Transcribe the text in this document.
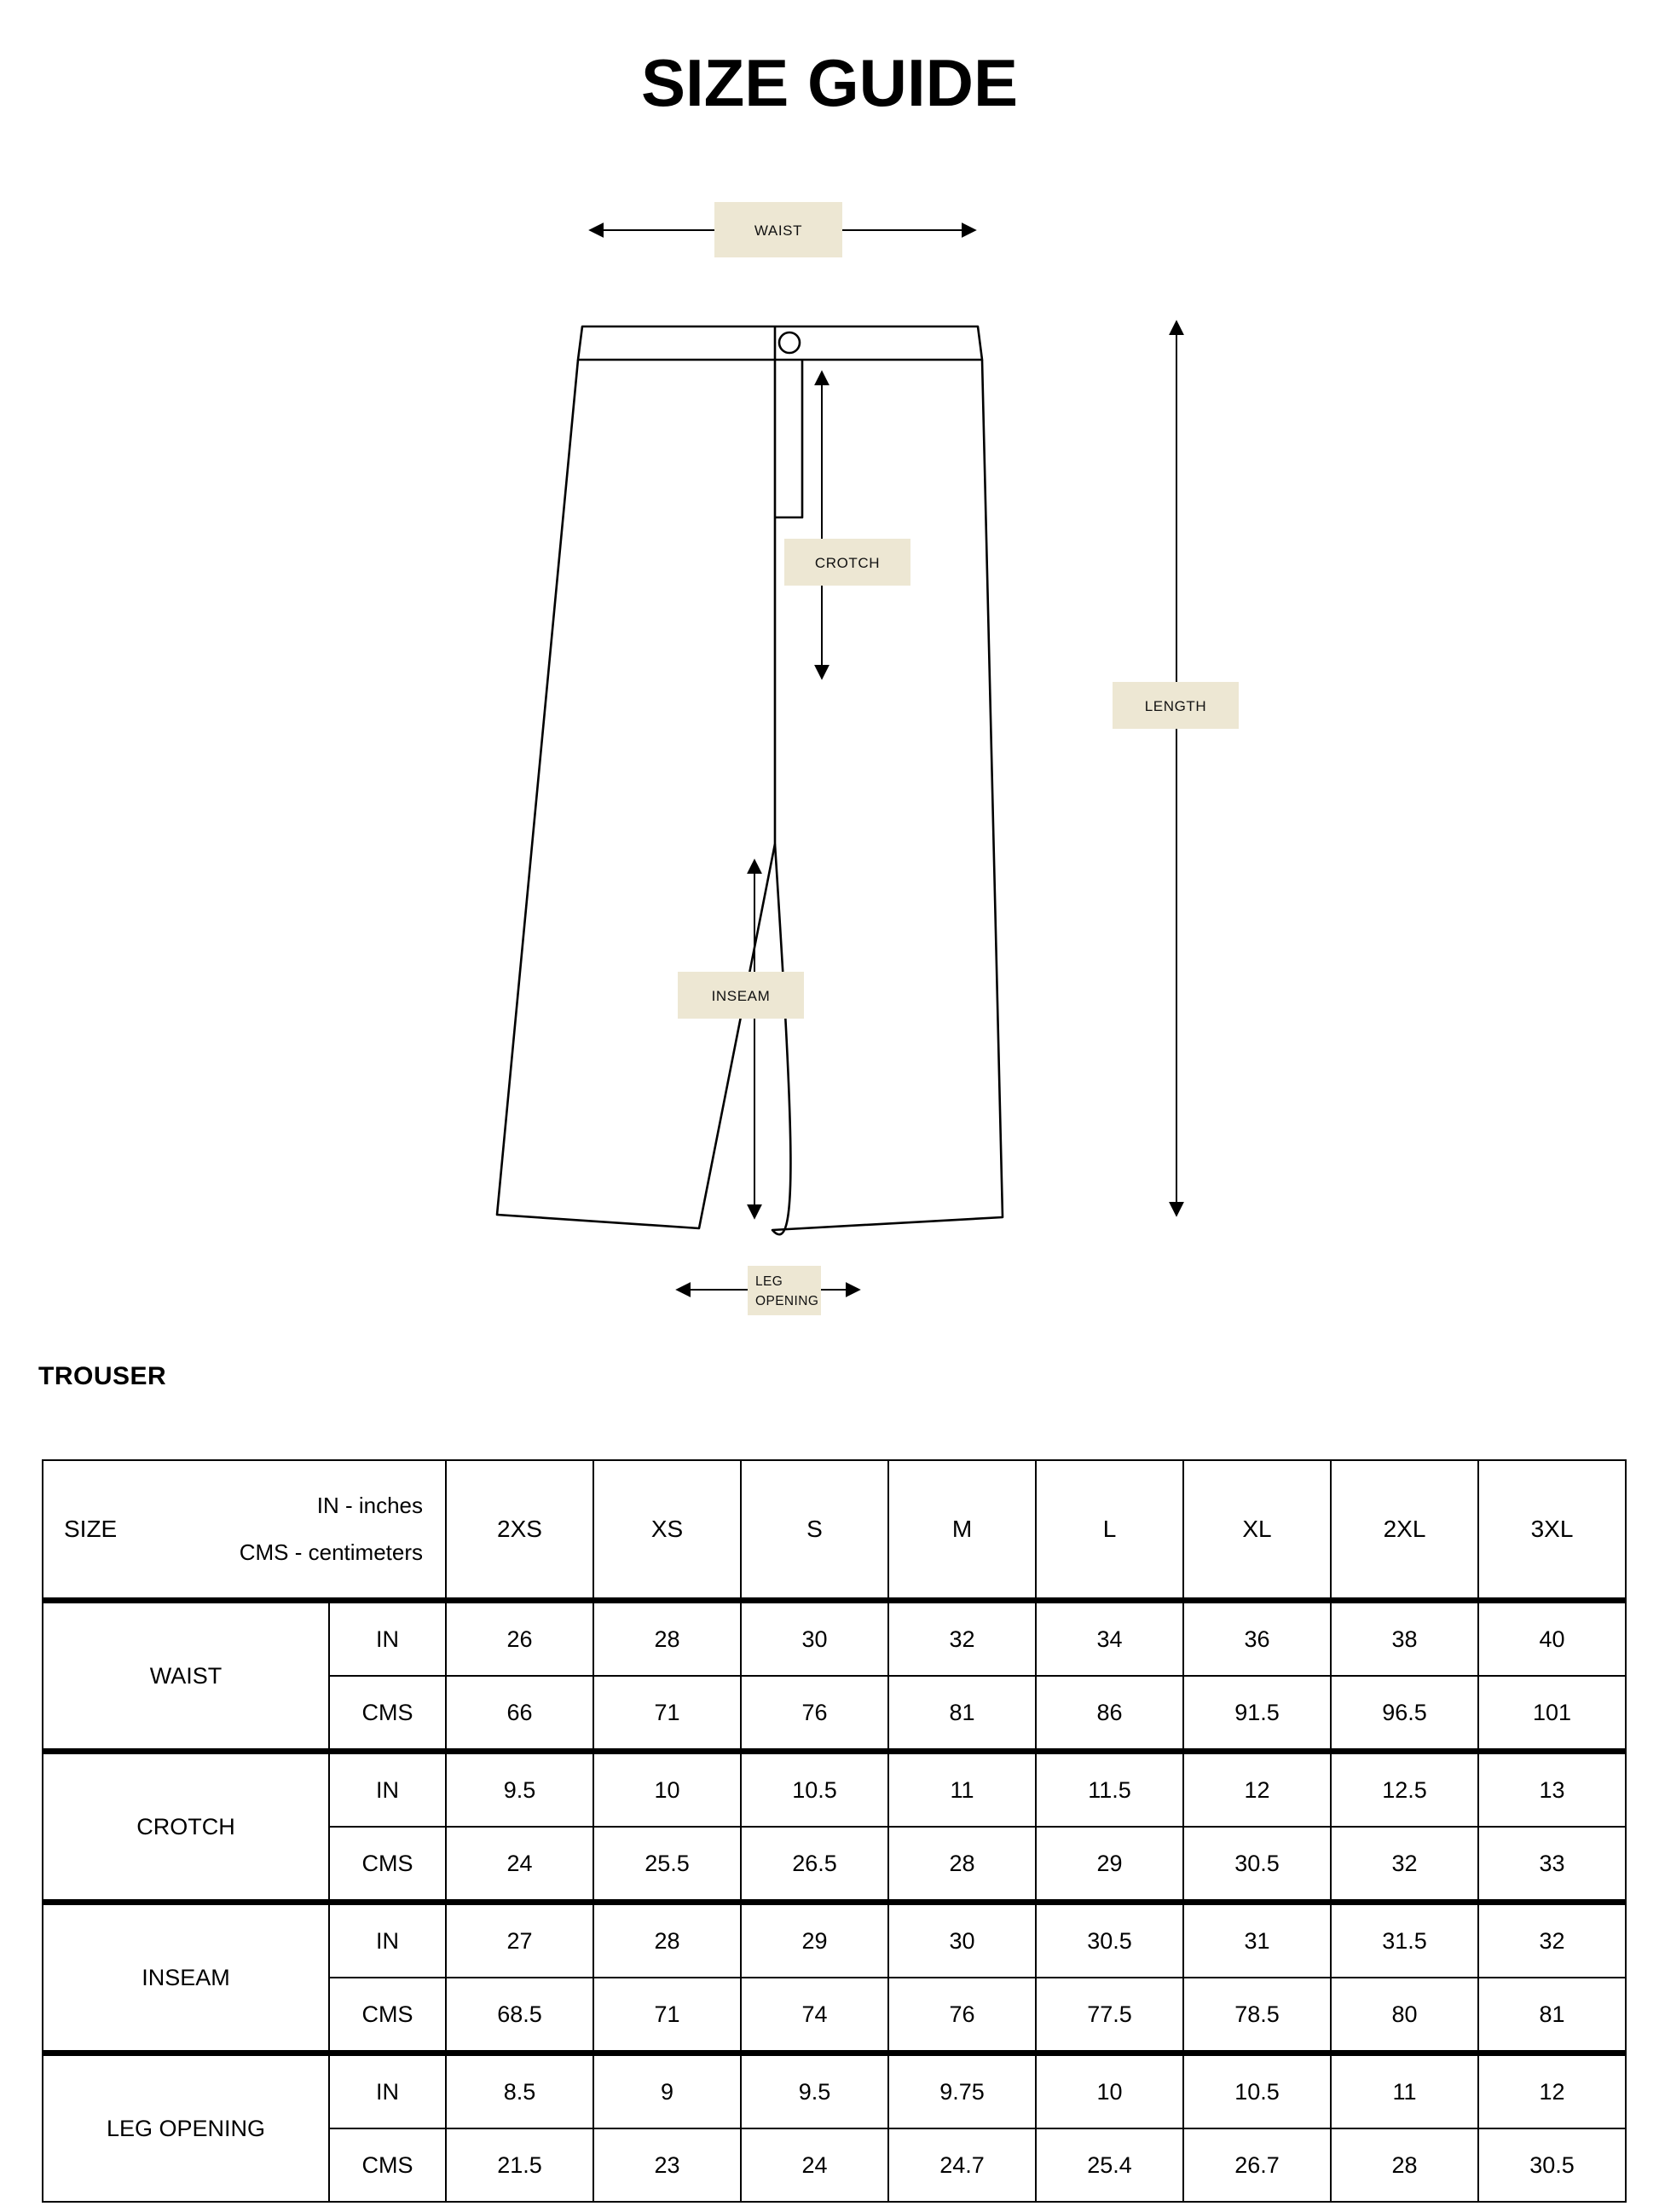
SIZE GUIDE
WAIST
CROTCH
LENGTH
INSEAM
LEG
OPENING
TROUSER
SIZE
IN - inches
CMS - centimeters		2XS	XS	S	M	L	XL	2XL	3XL
WAIST	IN	26	28	30	32	34	36	38	40
	CMS	66	71	76	81	86	91.5	96.5	101
CROTCH	IN	9.5	10	10.5	11	11.5	12	12.5	13
	CMS	24	25.5	26.5	28	29	30.5	32	33
INSEAM	IN	27	28	29	30	30.5	31	31.5	32
	CMS	68.5	71	74	76	77.5	78.5	80	81
LEG OPENING	IN	8.5	9	9.5	9.75	10	10.5	11	12
	CMS	21.5	23	24	24.7	25.4	26.7	28	30.5
